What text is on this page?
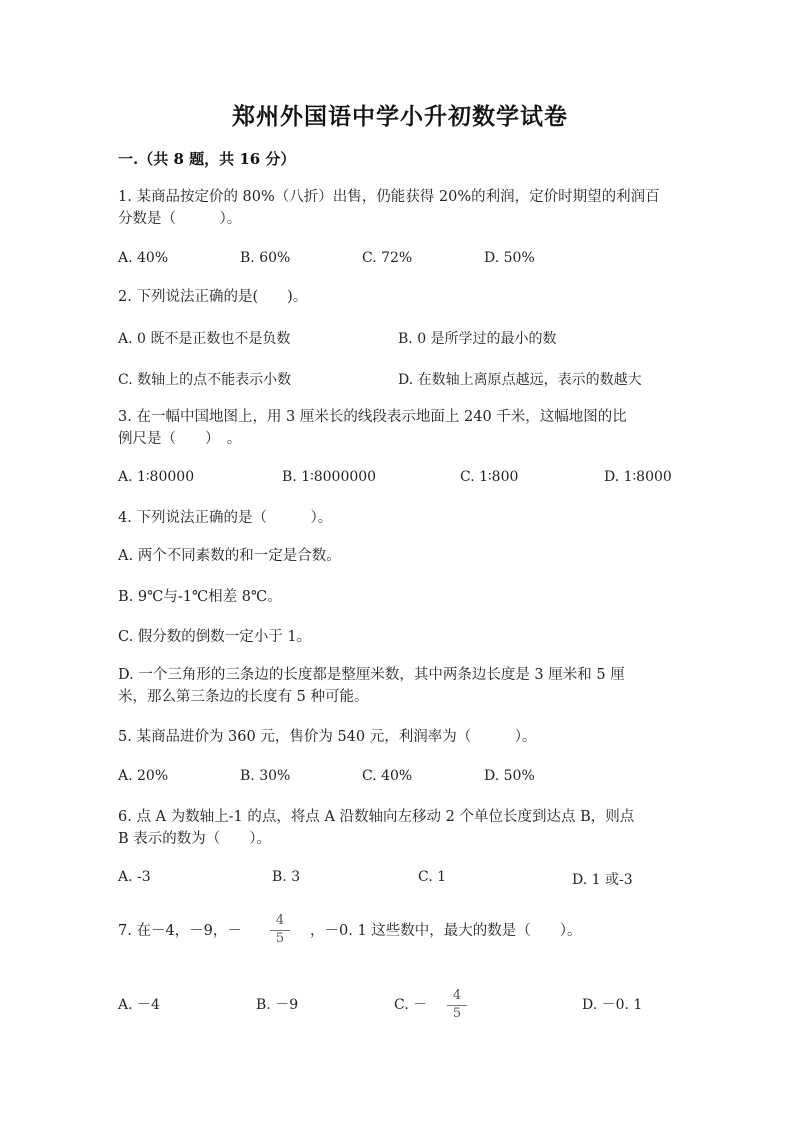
郑州外国语中学小升初数学试卷
一.（共 8 题，共 16 分）
1. 某商品按定价的 80%（八折）出售，仍能获得 20%的利润，定价时期望的利润百
分数是（　　　）。
A. 40%	B. 60%	C. 72%	D. 50%
2. 下列说法正确的是(　　)。
A. 0 既不是正数也不是负数	B. 0 是所学过的最小的数
C. 数轴上的点不能表示小数	D. 在数轴上离原点越远，表示的数越大
3. 在一幅中国地图上，用 3 厘米长的线段表示地面上 240 千米，这幅地图的比
例尺是（　　）　。
A. 1∶80000	B. 1∶8000000	C. 1∶800	D. 1∶8000
4. 下列说法正确的是（　　　）。
A. 两个不同素数的和一定是合数。
B. 9℃与-1℃相差 8℃。
C. 假分数的倒数一定小于 1。
D. 一个三角形的三条边的长度都是整厘米数，其中两条边长度是 3 厘米和 5 厘
米，那么第三条边的长度有 5 种可能。
5. 某商品进价为 360 元，售价为 540 元，利润率为（　　　）。
A. 20%	B. 30%	C. 40%	D. 50%
6. 点 A 为数轴上-1 的点，将点 A 沿数轴向左移动 2 个单位长度到达点 B，则点
B 表示的数为（　　）。
A. -3	B. 3	C. 1	D. 1 或-3
7. 在－4，－9，－ $\frac{4}{5}$ ，－0. 1 这些数中，最大的数是（　　）。
A. －4	B. －9	C. － $\frac{4}{5}$	D. －0. 1
